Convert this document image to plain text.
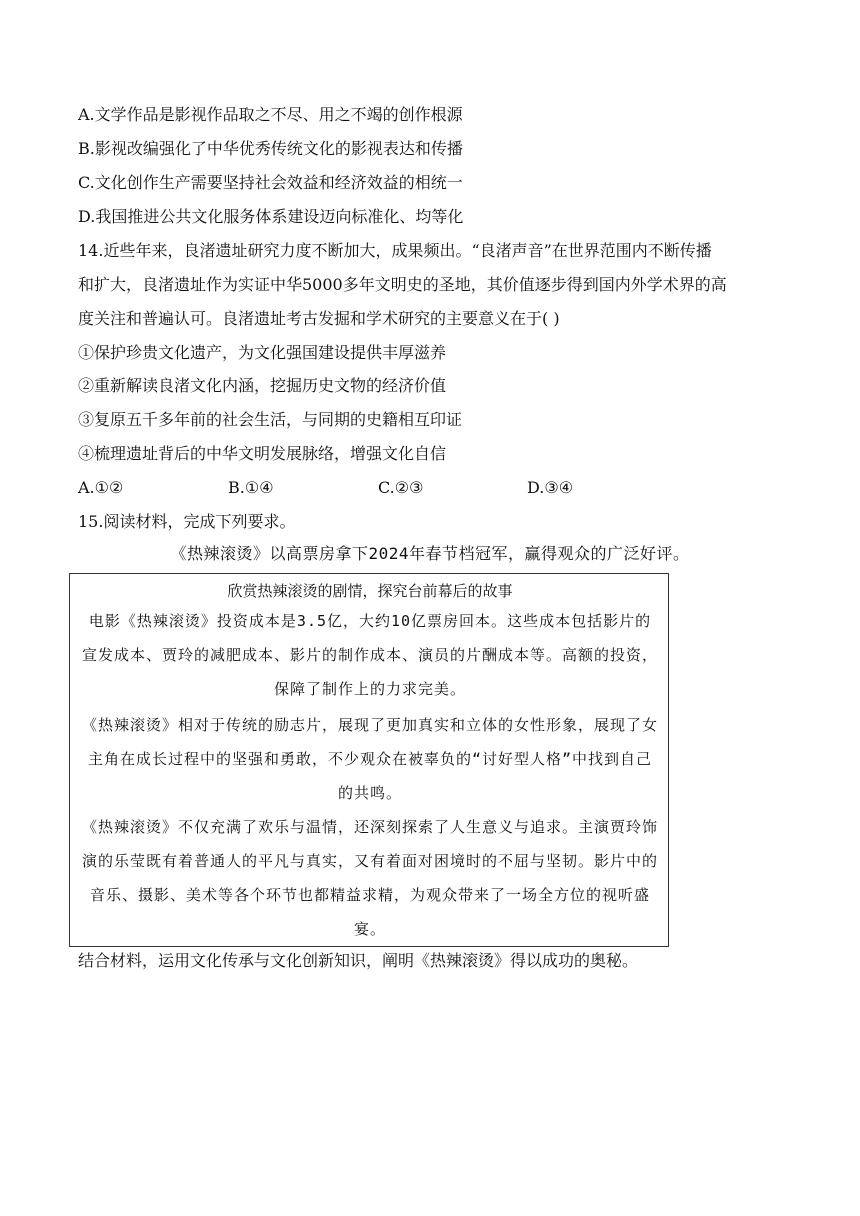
A.文学作品是影视作品取之不尽、用之不竭的创作根源
B.影视改编强化了中华优秀传统文化的影视表达和传播
C.文化创作生产需要坚持社会效益和经济效益的相统一
D.我国推进公共文化服务体系建设迈向标准化、均等化
14.近些年来，良渚遗址研究力度不断加大，成果频出。“良渚声音”在世界范围内不断传播
和扩大，良渚遗址作为实证中华5000多年文明史的圣地，其价值逐步得到国内外学术界的高
度关注和普遍认可。良渚遗址考古发掘和学术研究的主要意义在于( )
①保护珍贵文化遗产，为文化强国建设提供丰厚滋养
②重新解读良渚文化内涵，挖掘历史文物的经济价值
③复原五千多年前的社会生活，与同期的史籍相互印证
④梳理遗址背后的中华文明发展脉络，增强文化自信
A.①②	B.①④	C.②③	D.③④
15.阅读材料，完成下列要求。
《热辣滚烫》以高票房拿下2024年春节档冠军，赢得观众的广泛好评。
欣赏热辣滚烫的剧情，探究台前幕后的故事
电影《热辣滚烫》投资成本是3.5亿，大约10亿票房回本。这些成本包括影片的宣发成本、贾玲的减肥成本、影片的制作成本、演员的片酬成本等。高额的投资，保障了制作上的力求完美。
《热辣滚烫》相对于传统的励志片，展现了更加真实和立体的女性形象，展现了女主角在成长过程中的坚强和勇敢，不少观众在被辜负的“讨好型人格”中找到自己的共鸣。
《热辣滚烫》不仅充满了欢乐与温情，还深刻探索了人生意义与追求。主演贾玲饰演的乐莹既有着普通人的平凡与真实，又有着面对困境时的不屈与坚韧。影片中的音乐、摄影、美术等各个环节也都精益求精，为观众带来了一场全方位的视听盛宴。
结合材料，运用文化传承与文化创新知识，阐明《热辣滚烫》得以成功的奥秘。
